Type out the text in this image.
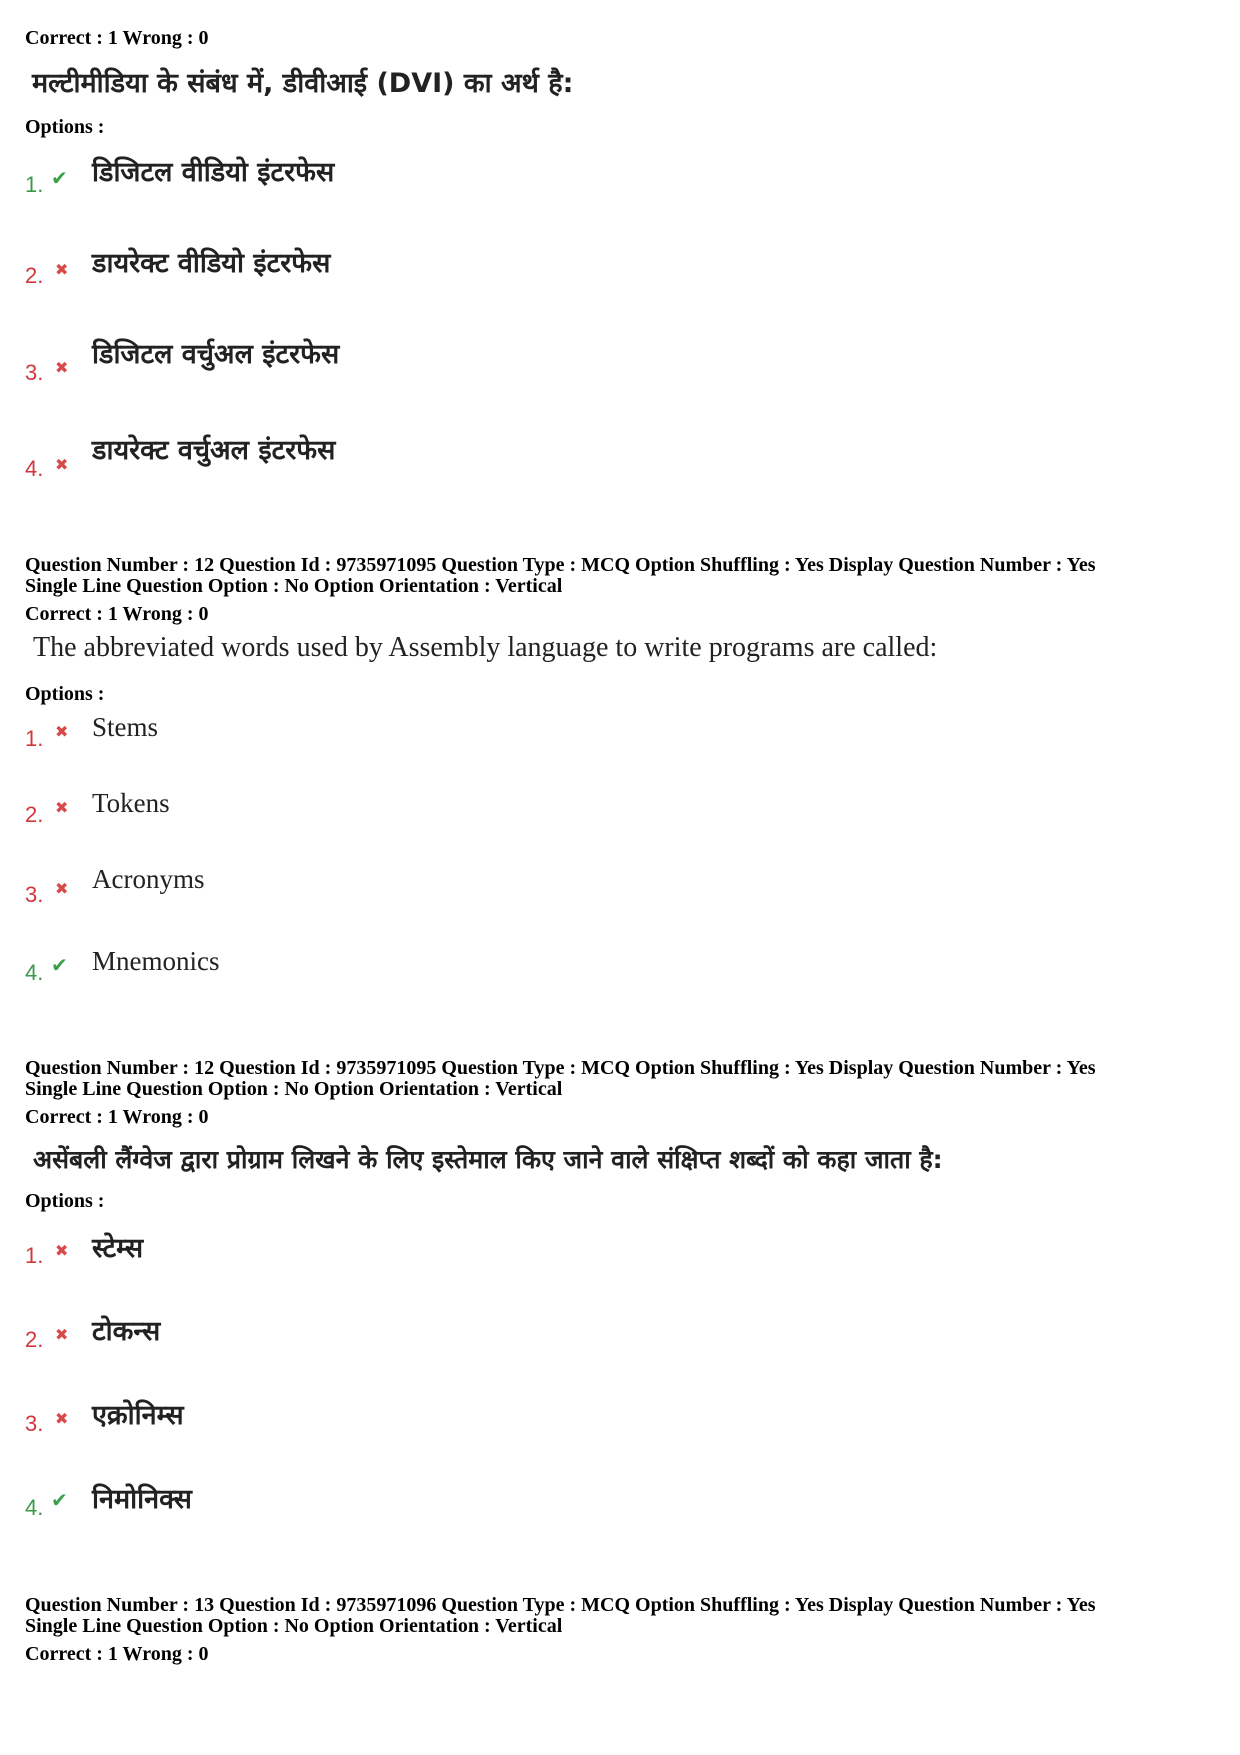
Correct : 1 Wrong : 0
मल्टीमीडिया के संबंध में, डीवीआई (DVI) का अर्थ है:
Options :
1. ✔ डिजिटल वीडियो इंटरफेस
2. ✖ डायरेक्ट वीडियो इंटरफेस
3. ✖ डिजिटल वर्चुअल इंटरफेस
4. ✖ डायरेक्ट वर्चुअल इंटरफेस
Question Number : 12 Question Id : 9735971095 Question Type : MCQ Option Shuffling : Yes Display Question Number : Yes
Single Line Question Option : No Option Orientation : Vertical
Correct : 1 Wrong : 0
The abbreviated words used by Assembly language to write programs are called:
Options :
1. ✖ Stems
2. ✖ Tokens
3. ✖ Acronyms
4. ✔ Mnemonics
Question Number : 12 Question Id : 9735971095 Question Type : MCQ Option Shuffling : Yes Display Question Number : Yes
Single Line Question Option : No Option Orientation : Vertical
Correct : 1 Wrong : 0
असेंबली लैंग्वेज द्वारा प्रोग्राम लिखने के लिए इस्तेमाल किए जाने वाले संक्षिप्त शब्दों को कहा जाता है:
Options :
1. ✖ स्टेम्स
2. ✖ टोकन्स
3. ✖ एक्रोनिम्स
4. ✔ निमोनिक्स
Question Number : 13 Question Id : 9735971096 Question Type : MCQ Option Shuffling : Yes Display Question Number : Yes
Single Line Question Option : No Option Orientation : Vertical
Correct : 1 Wrong : 0
